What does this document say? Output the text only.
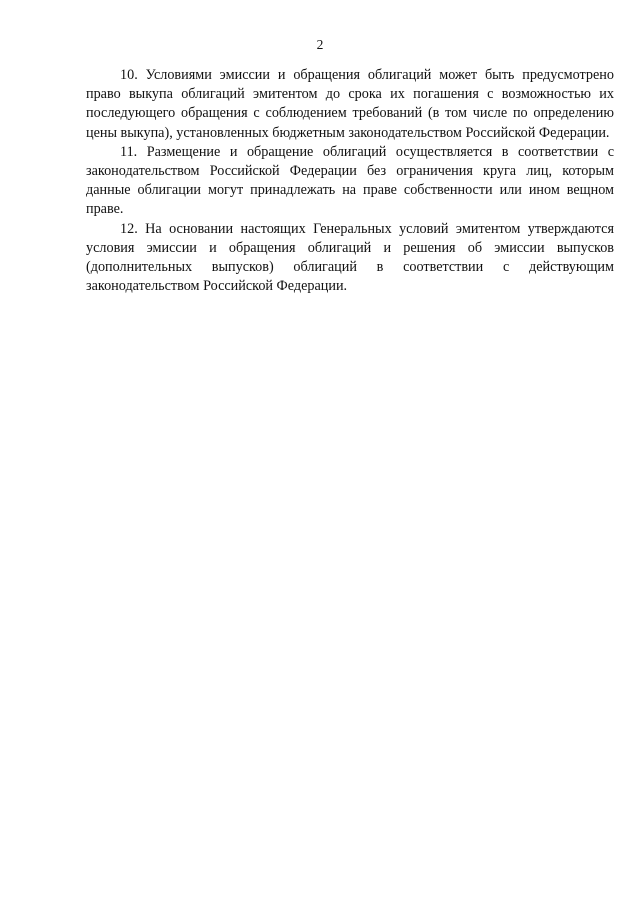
2

10. Условиями эмиссии и обращения облигаций может быть предусмотрено право выкупа облигаций эмитентом до срока их погашения с возможностью их последующего обращения с соблюдением требований (в том числе по определению цены выкупа), установленных бюджетным законодательством Российской Федерации.

11. Размещение и обращение облигаций осуществляется в соответствии с законодательством Российской Федерации без ограничения круга лиц, которым данные облигации могут принадлежать на праве собственности или ином вещном праве.

12. На основании настоящих Генеральных условий эмитентом утверждаются условия эмиссии и обращения облигаций и решения об эмиссии выпусков (дополнительных выпусков) облигаций в соответствии с действующим законодательством Российской Федерации.
